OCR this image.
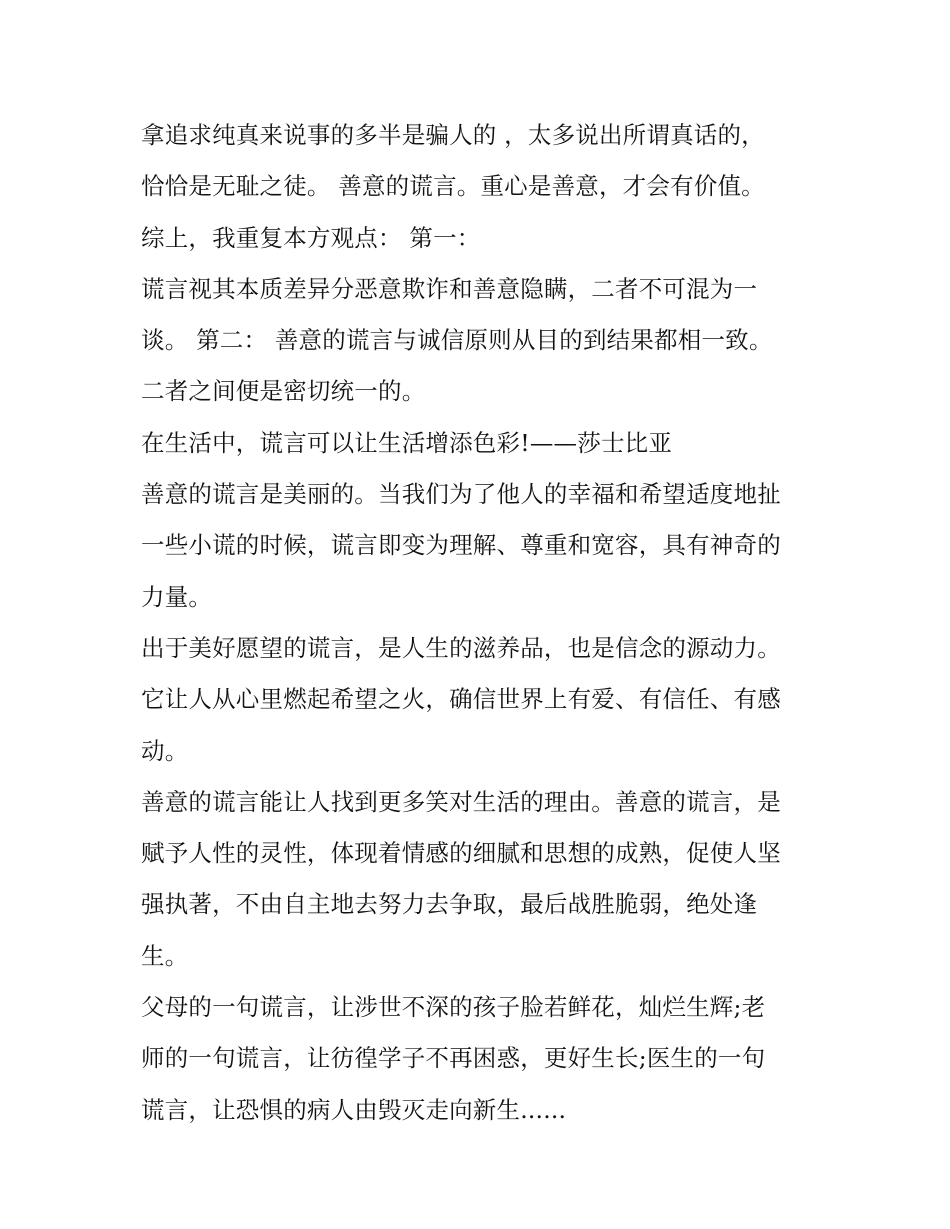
拿追求纯真来说事的多半是骗人的 ，太多说出所谓真话的，
恰恰是无耻之徒。 善意的谎言。重心是善意，才会有价值。
综上，我重复本方观点： 第一：
谎言视其本质差异分恶意欺诈和善意隐瞒，二者不可混为一
谈。 第二： 善意的谎言与诚信原则从目的到结果都相一致。
二者之间便是密切统一的。
在生活中，谎言可以让生活增添色彩!——莎士比亚
善意的谎言是美丽的。当我们为了他人的幸福和希望适度地扯
一些小谎的时候，谎言即变为理解、尊重和宽容，具有神奇的
力量。
出于美好愿望的谎言，是人生的滋养品，也是信念的源动力。
它让人从心里燃起希望之火，确信世界上有爱、有信任、有感
动。
善意的谎言能让人找到更多笑对生活的理由。善意的谎言，是
赋予人性的灵性，体现着情感的细腻和思想的成熟，促使人坚
强执著，不由自主地去努力去争取，最后战胜脆弱，绝处逢
生。
父母的一句谎言，让涉世不深的孩子脸若鲜花，灿烂生辉;老
师的一句谎言，让彷徨学子不再困惑，更好生长;医生的一句
谎言，让恐惧的病人由毁灭走向新生......
